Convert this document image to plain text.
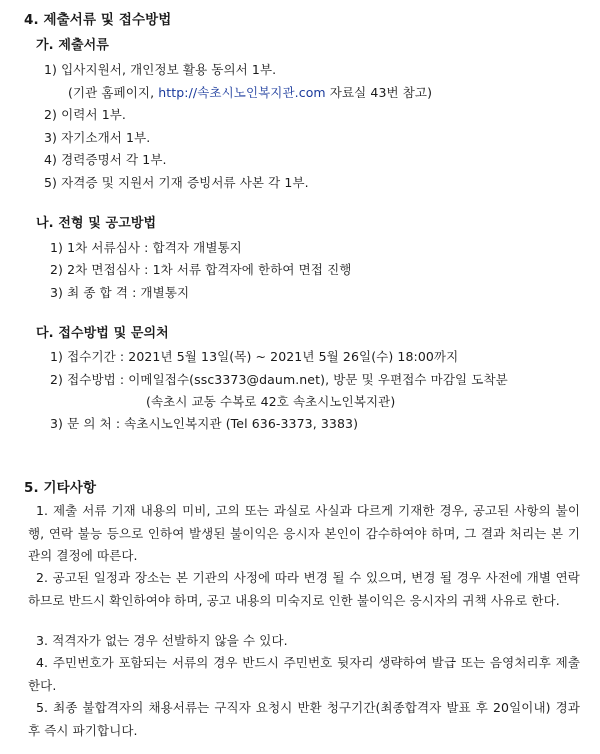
4. 제출서류 및 접수방법
가. 제출서류
1) 입사지원서, 개인정보 활용 동의서 1부.
(기관 홈페이지, http://속초시노인복지관.com 자료실 43번 참고)
2) 이력서 1부.
3) 자기소개서 1부.
4) 경력증명서 각 1부.
5) 자격증 및 지원서 기재 증빙서류 사본 각 1부.
나. 전형 및 공고방법
1) 1차 서류심사 : 합격자 개별통지
2) 2차 면접심사 : 1차 서류 합격자에 한하여 면접 진행
3) 최 종 합 격 : 개별통지
다. 접수방법 및 문의처
1) 접수기간 : 2021년 5월 13일(목) ~ 2021년 5월 26일(수) 18:00까지
2) 접수방법 : 이메일접수(ssc3373@daum.net), 방문 및 우편접수 마감일 도착분
(속초시 교동 수복로 42호 속초시노인복지관)
3) 문 의 처 : 속초시노인복지관 (Tel 636-3373, 3383)
5. 기타사항
1. 제출 서류 기재 내용의 미비, 고의 또는 과실로 사실과 다르게 기재한 경우, 공고된 사항의 불이행, 연락 불능 등으로 인하여 발생된 불이익은 응시자 본인이 감수하여야 하며, 그 결과 처리는 본 기관의 결정에 따른다.
2. 공고된 일정과 장소는 본 기관의 사정에 따라 변경 될 수 있으며, 변경 될 경우 사전에 개별 연락하므로 반드시 확인하여야 하며, 공고 내용의 미숙지로 인한 불이익은 응시자의 귀책 사유로 한다.
3. 적격자가 없는 경우 선발하지 않을 수 있다.
4. 주민번호가 포함되는 서류의 경우 반드시 주민번호 뒷자리 생략하여 발급 또는 음영처리후 제출한다.
5. 최종 불합격자의 채용서류는 구직자 요청시 반환 청구기간(최종합격자 발표 후 20일이내) 경과 후 즉시 파기합니다.
